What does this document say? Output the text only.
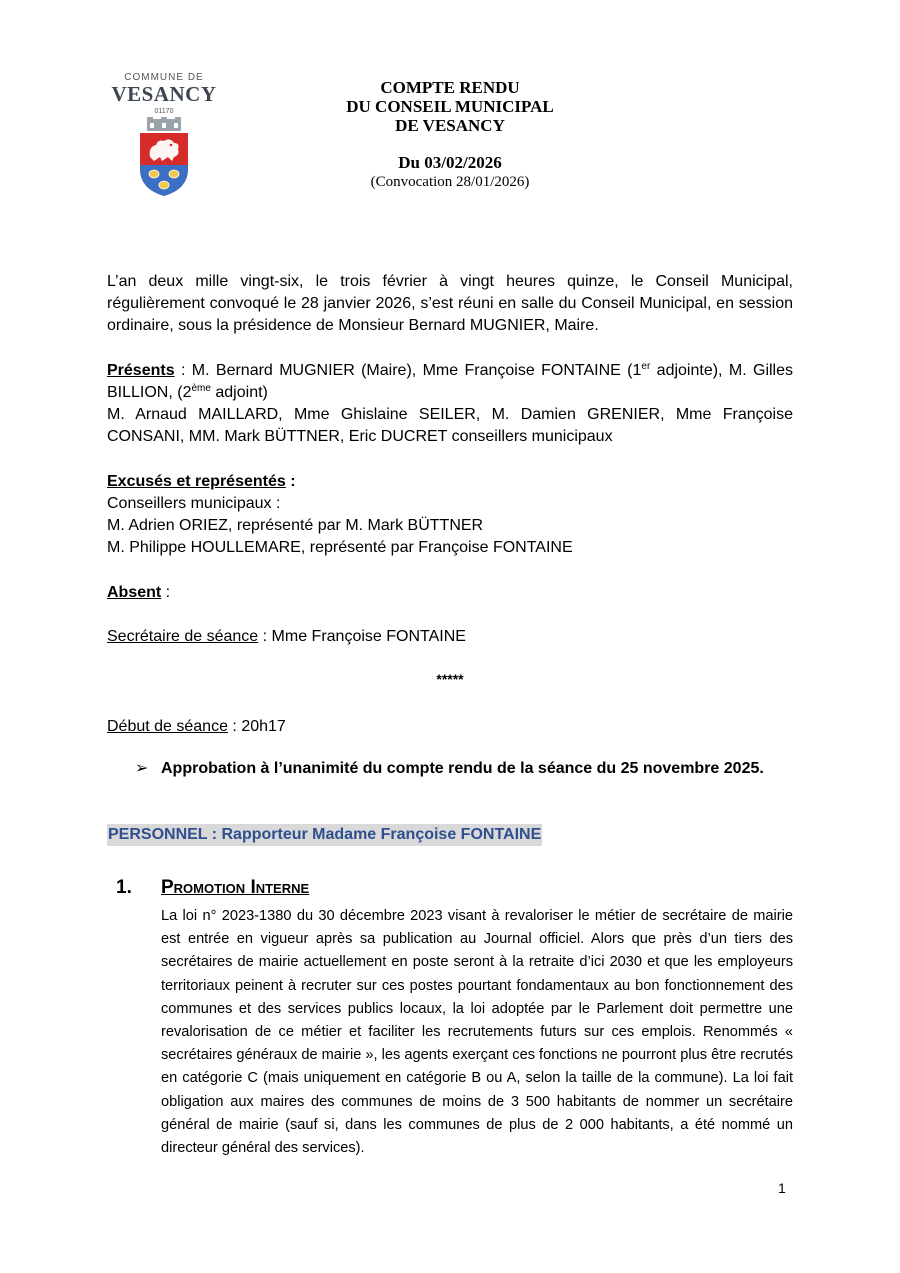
COMMUNE DE
VESANCY
01170
COMPTE RENDU
DU CONSEIL MUNICIPAL
DE VESANCY
Du 03/02/2026
(Convocation 28/01/2026)
L’an deux mille vingt-six, le trois février à vingt heures quinze, le Conseil Municipal, régulièrement convoqué le 28 janvier 2026, s’est réuni en salle du Conseil Municipal, en session ordinaire, sous la présidence de Monsieur Bernard MUGNIER, Maire.
Présents : M. Bernard MUGNIER (Maire), Mme Françoise FONTAINE (1er adjointe), M. Gilles BILLION, (2ème adjoint)
M. Arnaud MAILLARD, Mme Ghislaine SEILER, M. Damien GRENIER, Mme Françoise CONSANI, MM. Mark BÜTTNER, Eric DUCRET conseillers municipaux
Excusés et représentés :
Conseillers municipaux :
M. Adrien ORIEZ, représenté par M. Mark BÜTTNER
M. Philippe HOULLEMARE, représenté par Françoise FONTAINE
Absent :
Secrétaire de séance : Mme Françoise FONTAINE
*****
Début de séance : 20h17
➢ Approbation à l’unanimité du compte rendu de la séance du 25 novembre 2025.
PERSONNEL : Rapporteur Madame Françoise FONTAINE
1. Promotion Interne
La loi n° 2023-1380 du 30 décembre 2023 visant à revaloriser le métier de secrétaire de mairie est entrée en vigueur après sa publication au Journal officiel. Alors que près d’un tiers des secrétaires de mairie actuellement en poste seront à la retraite d’ici 2030 et que les employeurs territoriaux peinent à recruter sur ces postes pourtant fondamentaux au bon fonctionnement des communes et des services publics locaux, la loi adoptée par le Parlement doit permettre une revalorisation de ce métier et faciliter les recrutements futurs sur ces emplois. Renommés « secrétaires généraux de mairie », les agents exerçant ces fonctions ne pourront plus être recrutés en catégorie C (mais uniquement en catégorie B ou A, selon la taille de la commune). La loi fait obligation aux maires des communes de moins de 3 500 habitants de nommer un secrétaire général de mairie (sauf si, dans les communes de plus de 2 000 habitants, a été nommé un directeur général des services).
1
